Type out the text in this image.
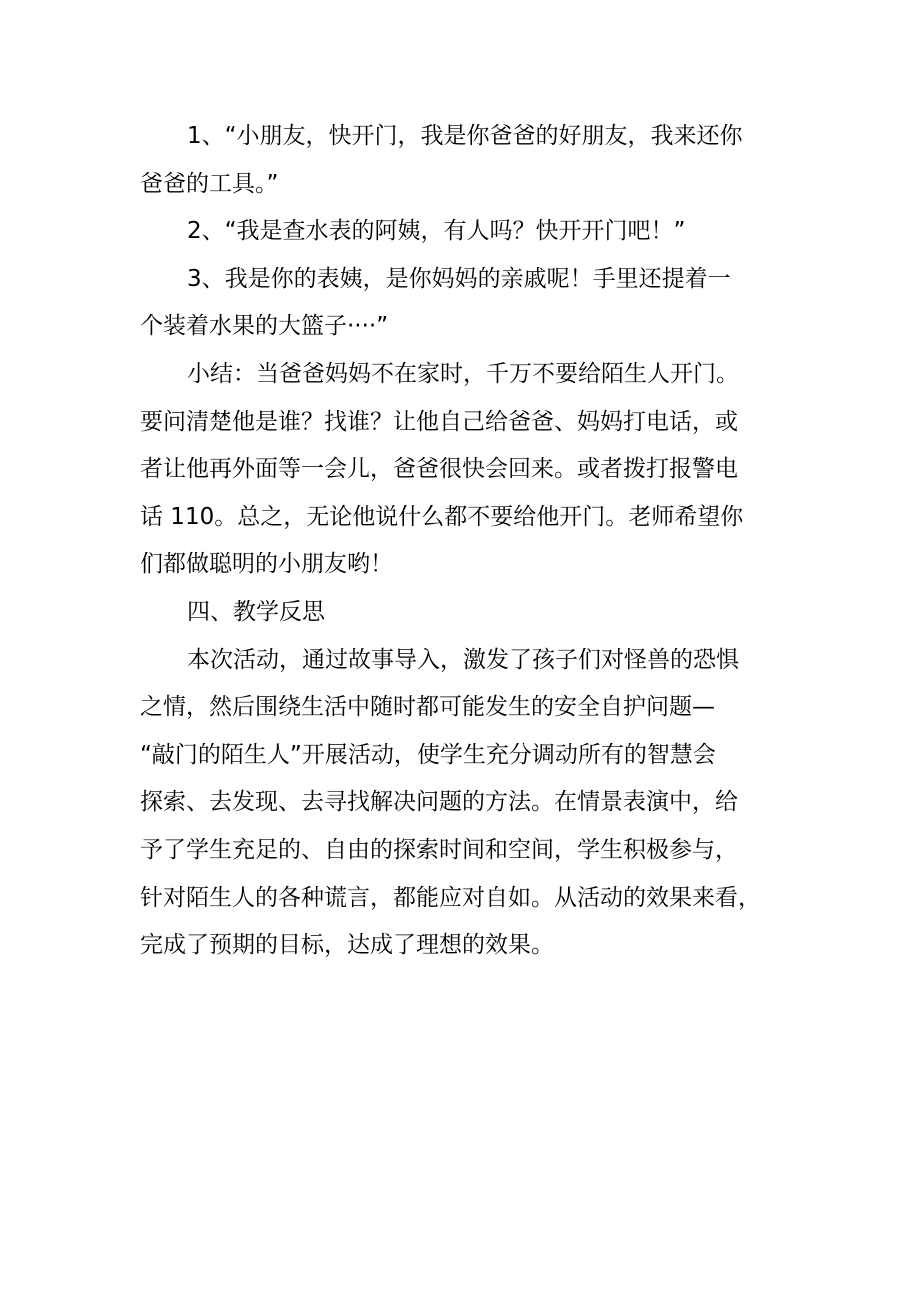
1、“小朋友，快开门，我是你爸爸的好朋友，我来还你
爸爸的工具。”

2、“我是查水表的阿姨，有人吗？快开开门吧！”

3、我是你的表姨，是你妈妈的亲戚呢！手里还提着一
个装着水果的大篮子····”

小结：当爸爸妈妈不在家时，千万不要给陌生人开门。
要问清楚他是谁？找谁？让他自己给爸爸、妈妈打电话，或
者让他再外面等一会儿，爸爸很快会回来。或者拨打报警电
话 110。总之，无论他说什么都不要给他开门。老师希望你
们都做聪明的小朋友哟！

四、教学反思

本次活动，通过故事导入，激发了孩子们对怪兽的恐惧
之情，然后围绕生活中随时都可能发生的安全自护问题—
“敲门的陌生人”开展活动，使学生充分调动所有的智慧会
探索、去发现、去寻找解决问题的方法。在情景表演中，给
予了学生充足的、自由的探索时间和空间，学生积极参与，
针对陌生人的各种谎言，都能应对自如。从活动的效果来看，
完成了预期的目标，达成了理想的效果。
